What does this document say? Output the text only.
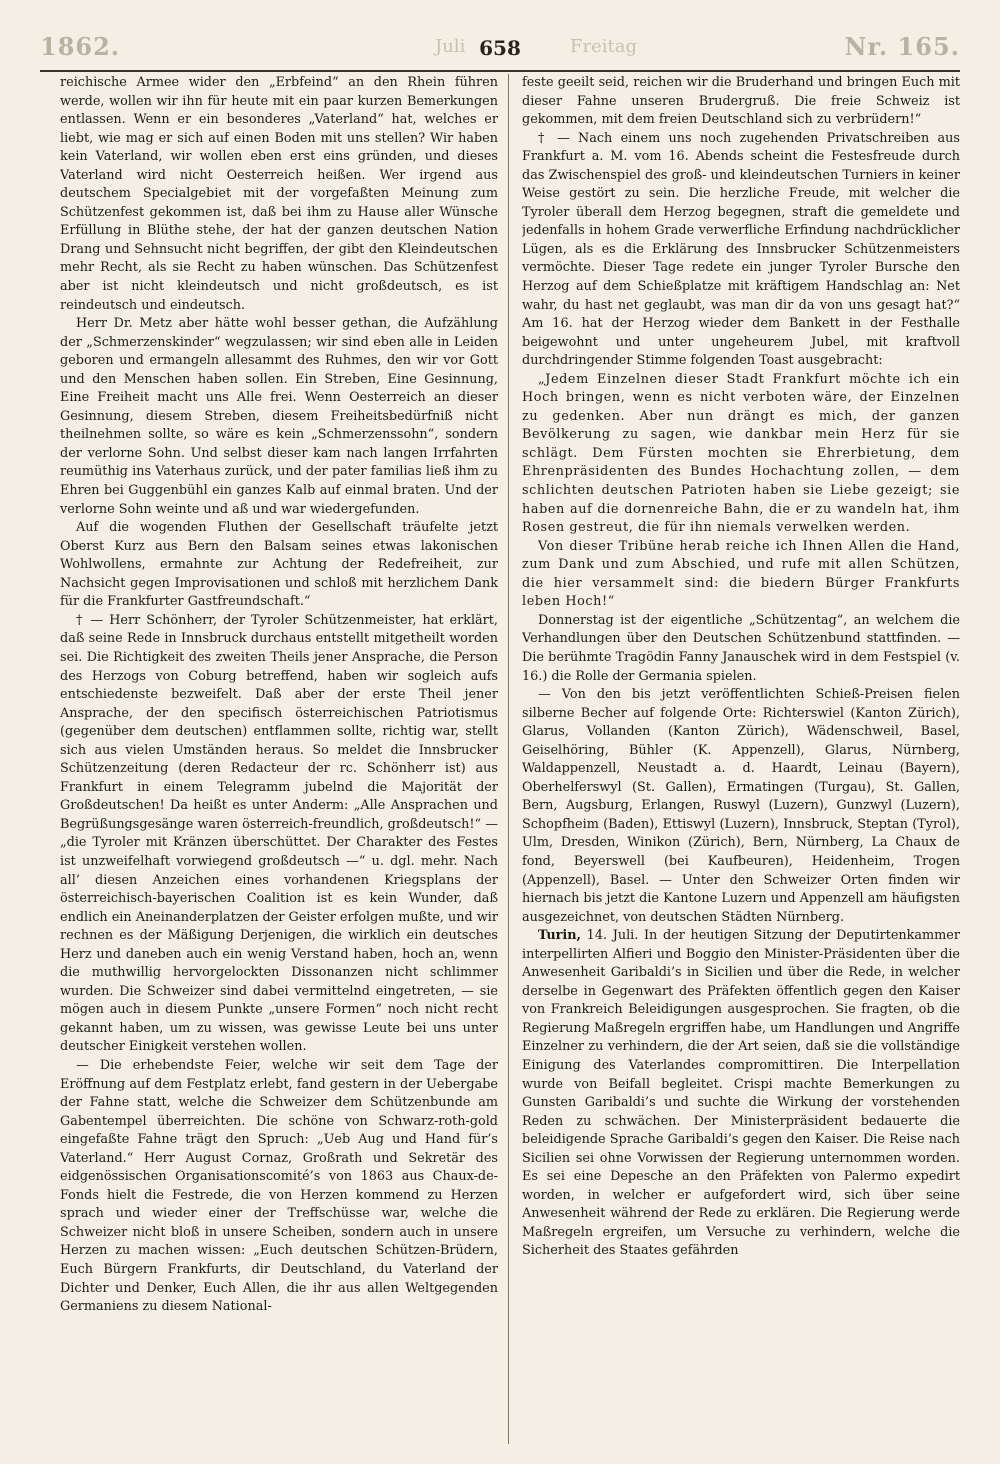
1862.	Juli 658	Freitag	Nr. 165.

reichische Armee wider den „Erbfeind“ an den Rhein führen werde, wollen wir ihn für heute mit ein paar kurzen Bemerkungen entlassen. Wenn er ein besonderes „Vaterland“ hat, welches er liebt, wie mag er sich auf einen Boden mit uns stellen? Wir haben kein Vaterland, wir wollen eben erst eins gründen, und dieses Vaterland wird nicht Oesterreich heißen. Wer irgend aus deutschem Specialgebiet mit der vorgefaßten Meinung zum Schützenfest gekommen ist, daß bei ihm zu Hause aller Wünsche Erfüllung in Blüthe stehe, der hat der ganzen deutschen Nation Drang und Sehnsucht nicht begriffen, der gibt den Kleindeutschen mehr Recht, als sie Recht zu haben wünschen. Das Schützenfest aber ist nicht kleindeutsch und nicht großdeutsch, es ist reindeutsch und eindeutsch.

Herr Dr. Metz aber hätte wohl besser gethan, die Aufzählung der „Schmerzenskinder“ wegzulassen; wir sind eben alle in Leiden geboren und ermangeln allesammt des Ruhmes, den wir vor Gott und den Menschen haben sollen. Ein Streben, Eine Gesinnung, Eine Freiheit macht uns Alle frei. Wenn Oesterreich an dieser Gesinnung, diesem Streben, diesem Freiheitsbedürfniß nicht theilnehmen sollte, so wäre es kein „Schmerzenssohn“, sondern der verlorne Sohn. Und selbst dieser kam nach langen Irrfahrten reumüthig ins Vaterhaus zurück, und der pater familias ließ ihm zu Ehren bei Guggenbühl ein ganzes Kalb auf einmal braten. Und der verlorne Sohn weinte und aß und war wiedergefunden.

Auf die wogenden Fluthen der Gesellschaft träufelte jetzt Oberst Kurz aus Bern den Balsam seines etwas lakonischen Wohlwollens, ermahnte zur Achtung der Redefreiheit, zur Nachsicht gegen Improvisationen und schloß mit herzlichem Dank für die Frankfurter Gastfreundschaft.“

† — Herr Schönherr, der Tyroler Schützenmeister, hat erklärt, daß seine Rede in Innsbruck durchaus entstellt mitgetheilt worden sei. Die Richtigkeit des zweiten Theils jener Ansprache, die Person des Herzogs von Coburg betreffend, haben wir sogleich aufs entschiedenste bezweifelt. Daß aber der erste Theil jener Ansprache, der den specifisch österreichischen Patriotismus (gegenüber dem deutschen) entflammen sollte, richtig war, stellt sich aus vielen Umständen heraus. So meldet die Innsbrucker Schützenzeitung (deren Redacteur der rc. Schönherr ist) aus Frankfurt in einem Telegramm jubelnd die Majorität der Großdeutschen! Da heißt es unter Anderm: „Alle Ansprachen und Begrüßungsgesänge waren österreich-freundlich, großdeutsch!“ — „die Tyroler mit Kränzen überschüttet. Der Charakter des Festes ist unzweifelhaft vorwiegend großdeutsch —“ u. dgl. mehr. Nach all’ diesen Anzeichen eines vorhandenen Kriegsplans der österreichisch-bayerischen Coalition ist es kein Wunder, daß endlich ein Aneinanderplatzen der Geister erfolgen mußte, und wir rechnen es der Mäßigung Derjenigen, die wirklich ein deutsches Herz und daneben auch ein wenig Verstand haben, hoch an, wenn die muthwillig hervorgelockten Dissonanzen nicht schlimmer wurden. Die Schweizer sind dabei vermittelnd eingetreten, — sie mögen auch in diesem Punkte „unsere Formen“ noch nicht recht gekannt haben, um zu wissen, was gewisse Leute bei uns unter deutscher Einigkeit verstehen wollen.

— Die erhebendste Feier, welche wir seit dem Tage der Eröffnung auf dem Festplatz erlebt, fand gestern in der Uebergabe der Fahne statt, welche die Schweizer dem Schützenbunde am Gabentempel überreichten. Die schöne von Schwarz-roth-gold eingefaßte Fahne trägt den Spruch: „Ueb Aug und Hand für’s Vaterland.“ Herr August Cornaz, Großrath und Sekretär des eidgenössischen Organisationscomité’s von 1863 aus Chaux-de-Fonds hielt die Festrede, die von Herzen kommend zu Herzen sprach und wieder einer der Treffschüsse war, welche die Schweizer nicht bloß in unsere Scheiben, sondern auch in unsere Herzen zu machen wissen: „Euch deutschen Schützen-Brüdern, Euch Bürgern Frankfurts, dir Deutschland, du Vaterland der Dichter und Denker, Euch Allen, die ihr aus allen Weltgegenden Germaniens zu diesem National-

feste geeilt seid, reichen wir die Bruderhand und bringen Euch mit dieser Fahne unseren Brudergruß. Die freie Schweiz ist gekommen, mit dem freien Deutschland sich zu verbrüdern!“

† — Nach einem uns noch zugehenden Privatschreiben aus Frankfurt a. M. vom 16. Abends scheint die Festesfreude durch das Zwischenspiel des groß- und kleindeutschen Turniers in keiner Weise gestört zu sein. Die herzliche Freude, mit welcher die Tyroler überall dem Herzog begegnen, straft die gemeldete und jedenfalls in hohem Grade verwerfliche Erfindung nachdrücklicher Lügen, als es die Erklärung des Innsbrucker Schützenmeisters vermöchte. Dieser Tage redete ein junger Tyroler Bursche den Herzog auf dem Schießplatze mit kräftigem Handschlag an: Net wahr, du hast net geglaubt, was man dir da von uns gesagt hat?“ Am 16. hat der Herzog wieder dem Bankett in der Festhalle beigewohnt und unter ungeheurem Jubel, mit kraftvoll durchdringender Stimme folgenden Toast ausgebracht:

„Jedem Einzelnen dieser Stadt Frankfurt möchte ich ein Hoch bringen, wenn es nicht verboten wäre, der Einzelnen zu gedenken. Aber nun drängt es mich, der ganzen Bevölkerung zu sagen, wie dankbar mein Herz für sie schlägt. Dem Fürsten mochten sie Ehrerbietung, dem Ehrenpräsidenten des Bundes Hochachtung zollen, — dem schlichten deutschen Patrioten haben sie Liebe gezeigt; sie haben auf die dornenreiche Bahn, die er zu wandeln hat, ihm Rosen gestreut, die für ihn niemals verwelken werden.

Von dieser Tribüne herab reiche ich Ihnen Allen die Hand, zum Dank und zum Abschied, und rufe mit allen Schützen, die hier versammelt sind: die biedern Bürger Frankfurts leben Hoch!“

Donnerstag ist der eigentliche „Schützentag“, an welchem die Verhandlungen über den Deutschen Schützenbund stattfinden. — Die berühmte Tragödin Fanny Janauschek wird in dem Festspiel (v. 16.) die Rolle der Germania spielen.

— Von den bis jetzt veröffentlichten Schieß-Preisen fielen silberne Becher auf folgende Orte: Richterswiel (Kanton Zürich), Glarus, Vollanden (Kanton Zürich), Wädenschweil, Basel, Geiselhöring, Bühler (K. Appenzell), Glarus, Nürnberg, Waldappenzell, Neustadt a. d. Haardt, Leinau (Bayern), Oberhelferswyl (St. Gallen), Ermatingen (Turgau), St. Gallen, Bern, Augsburg, Erlangen, Ruswyl (Luzern), Gunzwyl (Luzern), Schopfheim (Baden), Ettiswyl (Luzern), Innsbruck, Steptan (Tyrol), Ulm, Dresden, Winikon (Zürich), Bern, Nürnberg, La Chaux de fond, Beyerswell (bei Kaufbeuren), Heidenheim, Trogen (Appenzell), Basel. — Unter den Schweizer Orten finden wir hiernach bis jetzt die Kantone Luzern und Appenzell am häufigsten ausgezeichnet, von deutschen Städten Nürnberg.

Turin, 14. Juli. In der heutigen Sitzung der Deputirtenkammer interpellirten Alfieri und Boggio den Minister-Präsidenten über die Anwesenheit Garibaldi’s in Sicilien und über die Rede, in welcher derselbe in Gegenwart des Präfekten öffentlich gegen den Kaiser von Frankreich Beleidigungen ausgesprochen. Sie fragten, ob die Regierung Maßregeln ergriffen habe, um Handlungen und Angriffe Einzelner zu verhindern, die der Art seien, daß sie die vollständige Einigung des Vaterlandes compromittiren. Die Interpellation wurde von Beifall begleitet. Crispi machte Bemerkungen zu Gunsten Garibaldi’s und suchte die Wirkung der vorstehenden Reden zu schwächen. Der Ministerpräsident bedauerte die beleidigende Sprache Garibaldi’s gegen den Kaiser. Die Reise nach Sicilien sei ohne Vorwissen der Regierung unternommen worden. Es sei eine Depesche an den Präfekten von Palermo expedirt worden, in welcher er aufgefordert wird, sich über seine Anwesenheit während der Rede zu erklären. Die Regierung werde Maßregeln ergreifen, um Versuche zu verhindern, welche die Sicherheit des Staates gefährden
